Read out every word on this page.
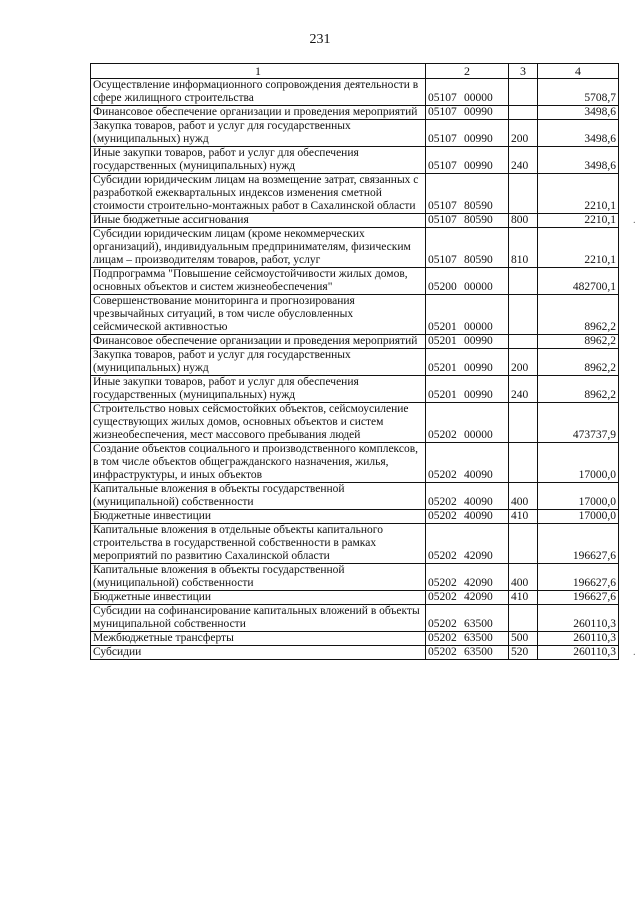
231
1	2	3	4
Осуществление информационного сопровождения деятельности в сфере жилищного строительства	05107 00000		5708,7
Финансовое обеспечение организации и проведения мероприятий	05107 00990		3498,6
Закупка товаров, работ и услуг для государственных (муниципальных) нужд	05107 00990	200	3498,6
Иные закупки товаров, работ и услуг для обеспечения государственных (муниципальных) нужд	05107 00990	240	3498,6
Субсидии юридическим лицам на возмещение затрат, связанных с разработкой ежеквартальных индексов изменения сметной стоимости строительно-монтажных работ в Сахалинской области	05107 80590		2210,1
Иные бюджетные ассигнования	05107 80590	800	2210,1
Субсидии юридическим лицам (кроме некоммерческих организаций), индивидуальным предпринимателям, физическим лицам – производителям товаров, работ, услуг	05107 80590	810	2210,1
Подпрограмма "Повышение сейсмоустойчивости жилых домов, основных объектов и систем жизнеобеспечения"	05200 00000		482700,1
Совершенствование мониторинга и прогнозирования чрезвычайных ситуаций, в том числе обусловленных сейсмической активностью	05201 00000		8962,2
Финансовое обеспечение организации и проведения мероприятий	05201 00990		8962,2
Закупка товаров, работ и услуг для государственных (муниципальных) нужд	05201 00990	200	8962,2
Иные закупки товаров, работ и услуг для обеспечения государственных (муниципальных) нужд	05201 00990	240	8962,2
Строительство новых сейсмостойких объектов, сейсмоусиление существующих жилых домов, основных объектов и систем жизнеобеспечения, мест массового пребывания людей	05202 00000		473737,9
Создание объектов социального и производственного комплексов, в том числе объектов общегражданского назначения, жилья, инфраструктуры, и иных объектов	05202 40090		17000,0
Капитальные вложения в объекты государственной (муниципальной) собственности	05202 40090	400	17000,0
Бюджетные инвестиции	05202 40090	410	17000,0
Капитальные вложения в отдельные объекты капитального строительства в государственной собственности в рамках мероприятий по развитию Сахалинской области	05202 42090		196627,6
Капитальные вложения в объекты государственной (муниципальной) собственности	05202 42090	400	196627,6
Бюджетные инвестиции	05202 42090	410	196627,6
Субсидии на софинансирование капитальных вложений в объекты муниципальной собственности	05202 63500		260110,3
Межбюджетные трансферты	05202 63500	500	260110,3
Субсидии	05202 63500	520	260110,3
·
·
